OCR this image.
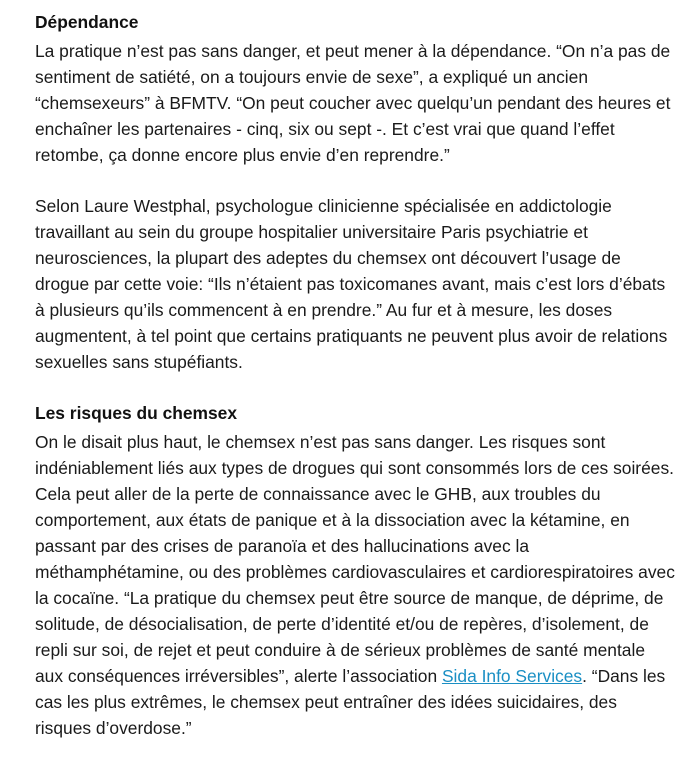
Dépendance

La pratique n’est pas sans danger, et peut mener à la dépendance. “On n’a pas de sentiment de satiété, on a toujours envie de sexe”, a expliqué un ancien “chemsexeurs” à BFMTV. “On peut coucher avec quelqu’un pendant des heures et enchaîner les partenaires - cinq, six ou sept -. Et c’est vrai que quand l’effet retombe, ça donne encore plus envie d’en reprendre.”

Selon Laure Westphal, psychologue clinicienne spécialisée en addictologie travaillant au sein du groupe hospitalier universitaire Paris psychiatrie et neurosciences, la plupart des adeptes du chemsex ont découvert l’usage de drogue par cette voie: “Ils n’étaient pas toxicomanes avant, mais c’est lors d’ébats à plusieurs qu’ils commencent à en prendre.” Au fur et à mesure, les doses augmentent, à tel point que certains pratiquants ne peuvent plus avoir de relations sexuelles sans stupéfiants.

Les risques du chemsex

On le disait plus haut, le chemsex n’est pas sans danger. Les risques sont indéniablement liés aux types de drogues qui sont consommés lors de ces soirées. Cela peut aller de la perte de connaissance avec le GHB, aux troubles du comportement, aux états de panique et à la dissociation avec la kétamine, en passant par des crises de paranoïa et des hallucinations avec la méthamphétamine, ou des problèmes cardiovasculaires et cardiorespiratoires avec la cocaïne. “La pratique du chemsex peut être source de manque, de déprime, de solitude, de désocialisation, de perte d’identité et/ou de repères, d’isolement, de repli sur soi, de rejet et peut conduire à de sérieux problèmes de santé mentale aux conséquences irréversibles”, alerte l’association Sida Info Services. “Dans les cas les plus extrêmes, le chemsex peut entraîner des idées suicidaires, des risques d’overdose.”
